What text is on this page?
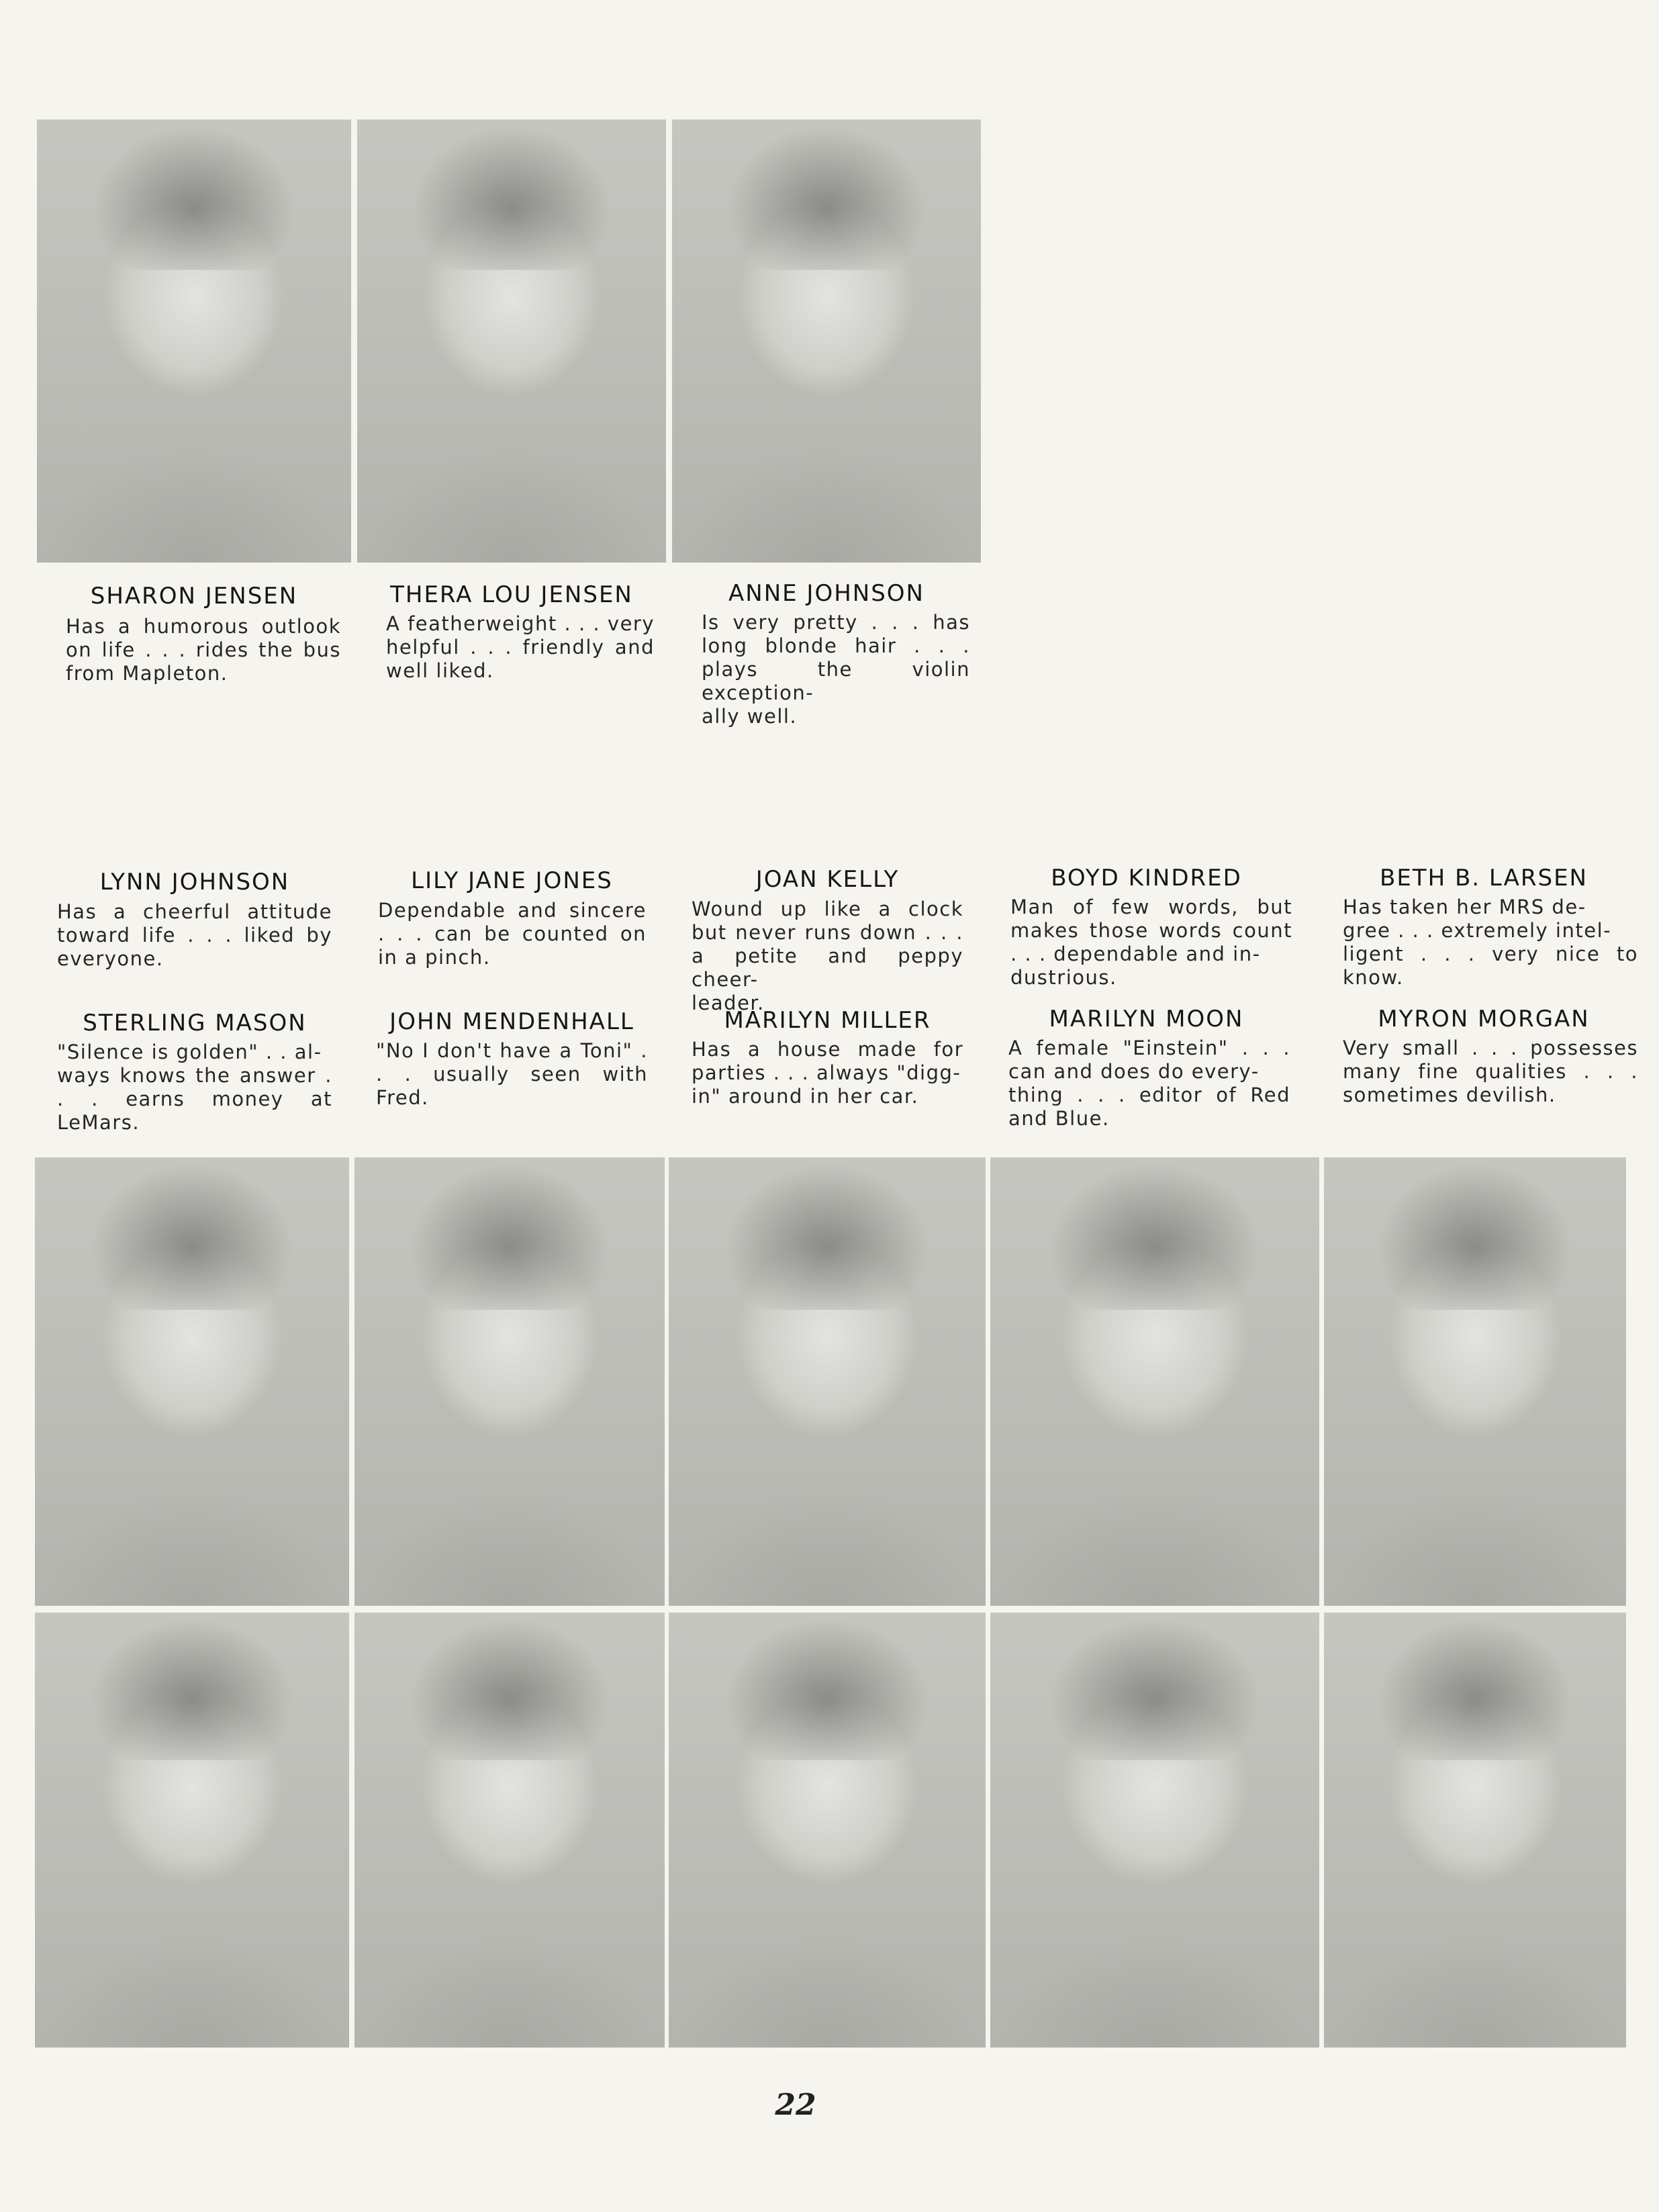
SHARON JENSEN
Has a humorous outlook on life . . . rides the bus from Mapleton.
THERA LOU JENSEN
A featherweight . . . very helpful . . . friendly and well liked.
ANNE JOHNSON
Is very pretty . . . has long blonde hair . . . plays the violin exception-
ally well.
LYNN JOHNSON
Has a cheerful attitude toward life . . . liked by everyone.
LILY JANE JONES
Dependable and sincere . . . can be counted on in a pinch.
JOAN KELLY
Wound up like a clock but never runs down . . . a petite and peppy cheer-
leader.
BOYD KINDRED
Man of few words, but makes those words count . . . dependable and in-
dustrious.
BETH B. LARSEN
Has taken her MRS de-
gree . . . extremely intel-
ligent . . . very nice to know.
STERLING MASON
"Silence is golden" . . al-
ways knows the answer . . . earns money at LeMars.
JOHN MENDENHALL
"No I don't have a Toni" . . . usually seen with Fred.
MARILYN MILLER
Has a house made for parties . . . always "digg-
in" around in her car.
MARILYN MOON
A female "Einstein" . . . can and does do every-
thing . . . editor of Red and Blue.
MYRON MORGAN
Very small . . . possesses many fine qualities . . . sometimes devilish.
22
